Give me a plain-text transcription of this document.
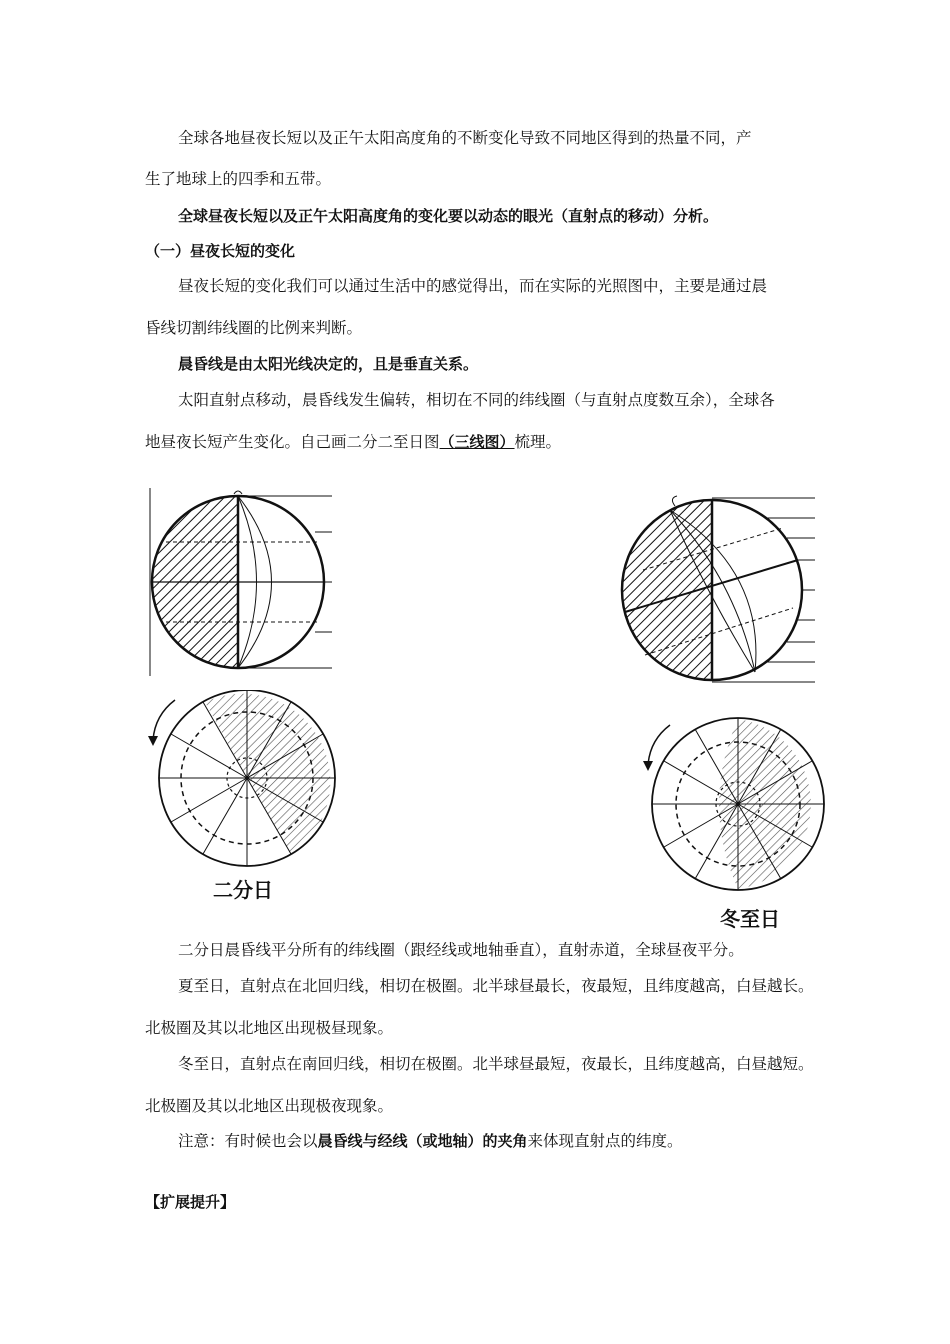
全球各地昼夜长短以及正午太阳高度角的不断变化导致不同地区得到的热量不同，产
生了地球上的四季和五带。
全球昼夜长短以及正午太阳高度角的变化要以动态的眼光（直射点的移动）分析。
（一）昼夜长短的变化
昼夜长短的变化我们可以通过生活中的感觉得出，而在实际的光照图中，主要是通过晨
昏线切割纬线圈的比例来判断。
晨昏线是由太阳光线决定的，且是垂直关系。
太阳直射点移动，晨昏线发生偏转，相切在不同的纬线圈（与直射点度数互余），全球各
地昼夜长短产生变化。自己画二分二至日图（三线图）梳理。
二分日
冬至日
二分日晨昏线平分所有的纬线圈（跟经线或地轴垂直），直射赤道，全球昼夜平分。
夏至日，直射点在北回归线，相切在极圈。北半球昼最长，夜最短，且纬度越高，白昼越长。
北极圈及其以北地区出现极昼现象。
冬至日，直射点在南回归线，相切在极圈。北半球昼最短，夜最长，且纬度越高，白昼越短。
北极圈及其以北地区出现极夜现象。
注意：有时候也会以晨昏线与经线（或地轴）的夹角来体现直射点的纬度。
【扩展提升】
